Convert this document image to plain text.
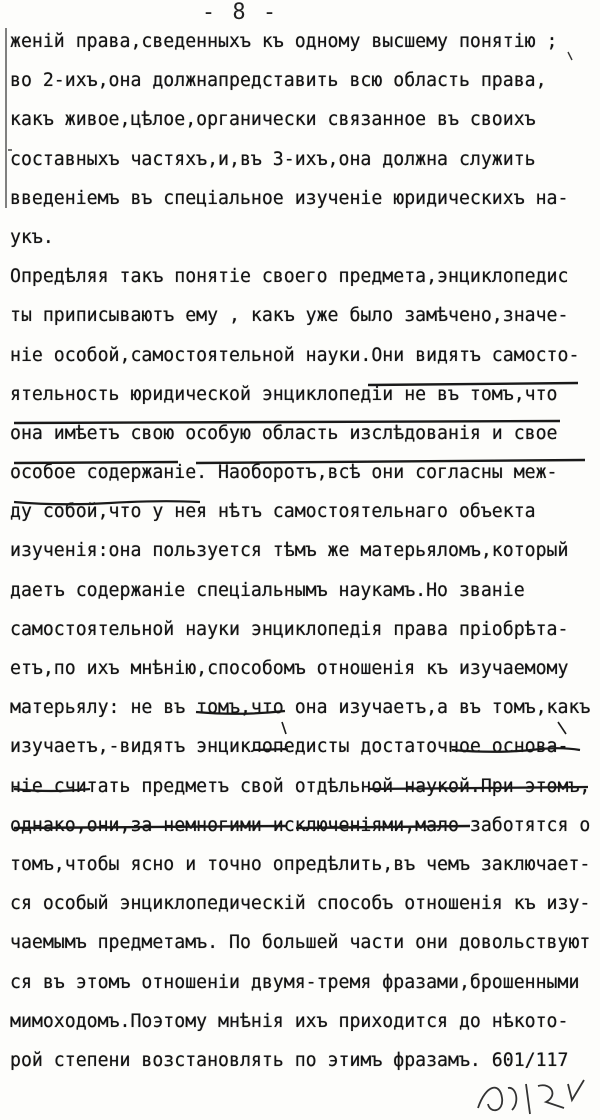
- 8 -
женій права,сведенныхъ къ одному высшему понятію ;
во 2-ихъ,она должнапредставить всю область права,
какъ живое,цѣлое,органически связанное въ своихъ
составныхъ частяхъ,и,въ 3-ихъ,она должна служить
введеніемъ въ спеціальное изученіе юридическихъ на-
укъ.
Опредѣляя такъ понятіе своего предмета,энциклопедис
ты приписываютъ ему , какъ уже было замѣчено,значе-
ніе особой,самостоятельной науки.Они видятъ самосто-
ятельность юридической энциклопедіи не въ томъ,что
она имѣетъ свою особую область изслѣдованія и свое
особое содержаніе. Наоборотъ,всѣ они согласны меж-
ду собой,что у нея нѣтъ самостоятельнаго объекта
изученія:она пользуется тѣмъ же матерьяломъ,который
даетъ содержаніе спеціальнымъ наукамъ.Но званіе
самостоятельной науки энциклопедія права пріобрѣта-
етъ,по ихъ мнѣнію,способомъ отношенія къ изучаемому
матерьялу: не въ томъ,что она изучаетъ,а въ томъ,какъ
изучаетъ,-видятъ энциклопедисты достаточное основа-
ніе считать предметъ свой отдѣльной наукой.При этомъ,
однако,они,за немногими исключеніями,мало заботятся о
томъ,чтобы ясно и точно опредѣлить,въ чемъ заключает-
ся особый энциклопедическій способъ отношенія къ изу-
чаемымъ предметамъ. По большей части они довольствуют
ся въ этомъ отношеніи двумя-тремя фразами,брошенными
мимоходомъ.Поэтому мнѣнія ихъ приходится до нѣкото-
рой степени возстановлять по этимъ фразамъ. 601/117
